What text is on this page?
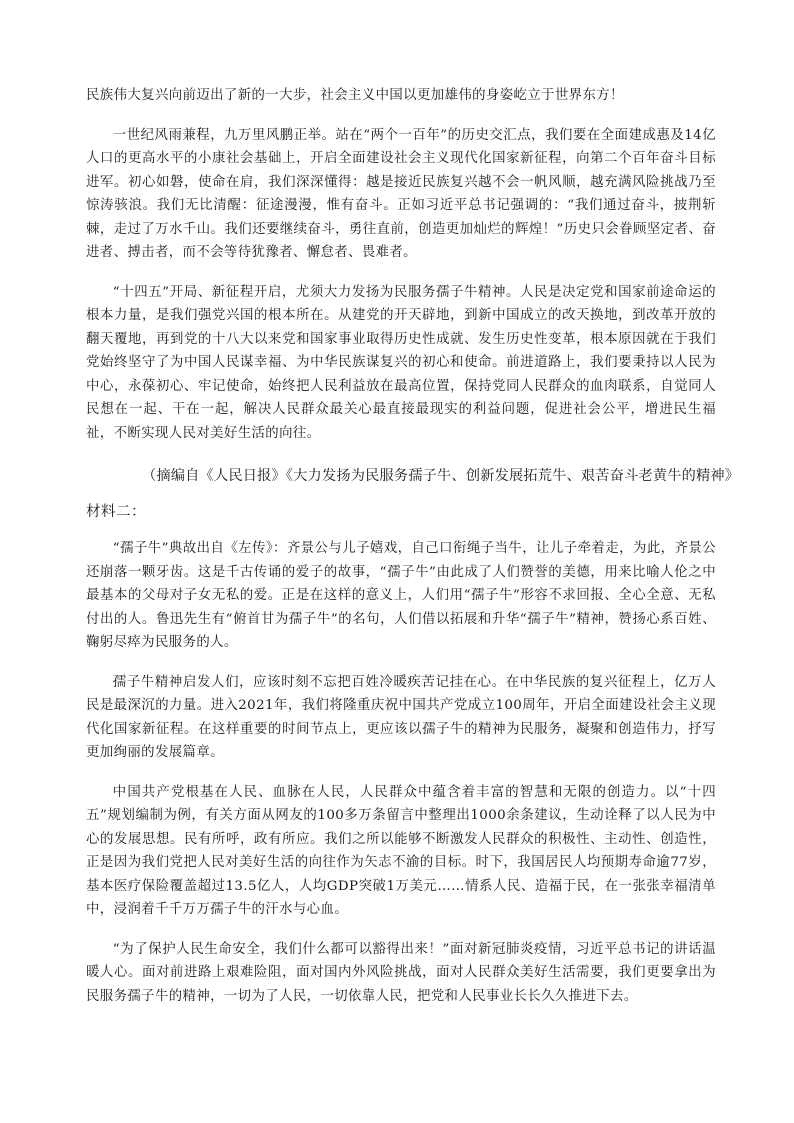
民族伟大复兴向前迈出了新的一大步，社会主义中国以更加雄伟的身姿屹立于世界东方！

一世纪风雨兼程，九万里风鹏正举。站在“两个一百年”的历史交汇点，我们要在全面建成惠及14亿人口的更高水平的小康社会基础上，开启全面建设社会主义现代化国家新征程，向第二个百年奋斗目标进军。初心如磐，使命在肩，我们深深懂得：越是接近民族复兴越不会一帆风顺，越充满风险挑战乃至惊涛骇浪。我们无比清醒：征途漫漫，惟有奋斗。正如习近平总书记强调的：“我们通过奋斗，披荆斩棘，走过了万水千山。我们还要继续奋斗，勇往直前，创造更加灿烂的辉煌！”历史只会眷顾坚定者、奋进者、搏击者，而不会等待犹豫者、懈怠者、畏难者。

“十四五”开局、新征程开启，尤须大力发扬为民服务孺子牛精神。人民是决定党和国家前途命运的根本力量，是我们强党兴国的根本所在。从建党的开天辟地，到新中国成立的改天换地，到改革开放的翻天覆地，再到党的十八大以来党和国家事业取得历史性成就、发生历史性变革，根本原因就在于我们党始终坚守了为中国人民谋幸福、为中华民族谋复兴的初心和使命。前进道路上，我们要秉持以人民为中心，永葆初心、牢记使命，始终把人民利益放在最高位置，保持党同人民群众的血肉联系，自觉同人民想在一起、干在一起，解决人民群众最关心最直接最现实的利益问题，促进社会公平，增进民生福祉，不断实现人民对美好生活的向往。

（摘编自《人民日报》《大力发扬为民服务孺子牛、创新发展拓荒牛、艰苦奋斗老黄牛的精神》

材料二：

“孺子牛”典故出自《左传》：齐景公与儿子嬉戏，自己口衔绳子当牛，让儿子牵着走，为此，齐景公还崩落一颗牙齿。这是千古传诵的爱子的故事，“孺子牛”由此成了人们赞誉的美德，用来比喻人伦之中最基本的父母对子女无私的爱。正是在这样的意义上，人们用“孺子牛”形容不求回报、全心全意、无私付出的人。鲁迅先生有“俯首甘为孺子牛”的名句，人们借以拓展和升华“孺子牛”精神，赞扬心系百姓、鞠躬尽瘁为民服务的人。

孺子牛精神启发人们，应该时刻不忘把百姓冷暖疾苦记挂在心。在中华民族的复兴征程上，亿万人民是最深沉的力量。进入2021年，我们将隆重庆祝中国共产党成立100周年，开启全面建设社会主义现代化国家新征程。在这样重要的时间节点上，更应该以孺子牛的精神为民服务，凝聚和创造伟力，抒写更加绚丽的发展篇章。

中国共产党根基在人民、血脉在人民，人民群众中蕴含着丰富的智慧和无限的创造力。以“十四五”规划编制为例，有关方面从网友的100多万条留言中整理出1000余条建议，生动诠释了以人民为中心的发展思想。民有所呼，政有所应。我们之所以能够不断激发人民群众的积极性、主动性、创造性，正是因为我们党把人民对美好生活的向往作为矢志不渝的目标。时下，我国居民人均预期寿命逾77岁，基本医疗保险覆盖超过13.5亿人，人均GDP突破1万美元……情系人民、造福于民，在一张张幸福清单中，浸润着千千万万孺子牛的汗水与心血。

“为了保护人民生命安全，我们什么都可以豁得出来！”面对新冠肺炎疫情，习近平总书记的讲话温暖人心。面对前进路上艰难险阻，面对国内外风险挑战，面对人民群众美好生活需要，我们更要拿出为民服务孺子牛的精神，一切为了人民，一切依靠人民，把党和人民事业长长久久推进下去。
